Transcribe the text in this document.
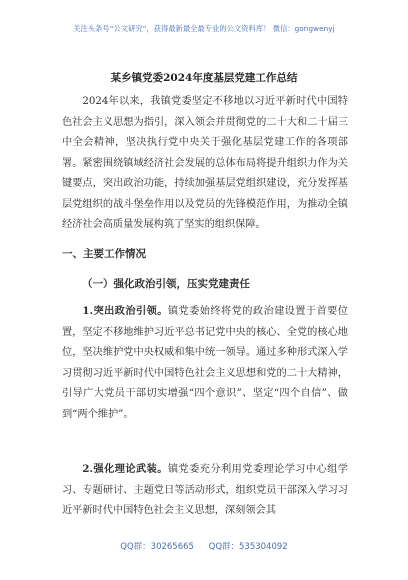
关注头条号“公文研究”，获得最新最全最专业的公文资料库！ 微信：gongwenyj
某乡镇党委2024年度基层党建工作总结

2024年以来，我镇党委坚定不移地以习近平新时代中国特色社会主义思想为指引，深入领会并贯彻党的二十大和二十届三中全会精神，坚决执行党中央关于强化基层党建工作的各项部署。紧密围绕镇域经济社会发展的总体布局将提升组织力作为关键要点，突出政治功能，持续加强基层党组织建设，充分发挥基层党组织的战斗堡垒作用以及党员的先锋模范作用，为推动全镇经济社会高质量发展构筑了坚实的组织保障。

一、主要工作情况
（一）强化政治引领，压实党建责任

1.突出政治引领。镇党委始终将党的政治建设置于首要位置，坚定不移地维护习近平总书记党中央的核心、全党的核心地位，坚决维护党中央权威和集中统一领导。通过多种形式深入学习贯彻习近平新时代中国特色社会主义思想和党的二十大精神，引导广大党员干部切实增强“四个意识”、坚定“四个自信”、做到“两个维护”。

2.强化理论武装。镇党委充分利用党委理论学习中心组学习、专题研讨、主题党日等活动形式，组织党员干部深入学习习近平新时代中国特色社会主义思想，深刻领会其

QQ群：30265665 QQ群：535304092
